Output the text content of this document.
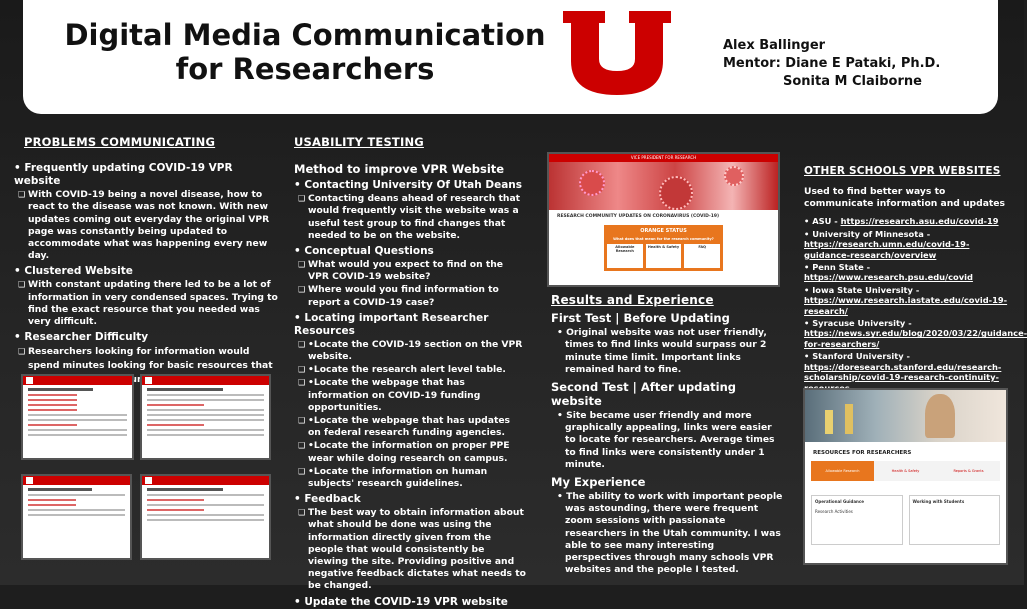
Digital Media Communication
for Researchers
Alex Ballinger
Mentor: Diane E Pataki, Ph.D.
Sonita M Claiborne
PROBLEMS COMMUNICATING
• Frequently updating COVID-19 VPR website
❑ With COVID-19 being a novel disease, how to react to the disease was not known. With new updates coming out everyday the original VPR page was constantly being updated to accommodate what was happening every new day.
• Clustered Website
❑ With constant updating there led to be a lot of information in very condensed spaces. Trying to find the exact resource that you needed was very difficult.
• Researcher Difficulty
❑ Researchers looking for information would spend minutes looking for basic resources that communicated
USABILITY TESTING
Method to improve VPR Website
• Contacting University Of Utah Deans
❑ Contacting deans ahead of research that would frequently visit the website was a useful test group to find changes that needed to be on the website.
• Conceptual Questions
❑ What would you expect to find on the VPR COVID-19 website?
❑ Where would you find information to report a COVID-19 case?
• Locating important Researcher Resources
❑ •Locate the COVID-19 section on the VPR website.
❑ •Locate the research alert level table.
❑ •Locate the webpage that has information on COVID-19 funding opportunities.
❑ •Locate the webpage that has updates on federal research funding agencies.
❑ •Locate the information on proper PPE wear while doing research on campus.
❑ •Locate the information on human subjects' research guidelines.
• Feedback
❑ The best way to obtain information about what should be done was using the information directly given from the people that would consistently be viewing the site. Providing positive and negative feedback dictates what needs to be changed.
• Update the COVID-19 VPR website
VICE PRESIDENT FOR RESEARCH
RESEARCH COMMUNITY UPDATES ON CORONAVIRUS (COVID-19)
ORANGE STATUS
What does that mean for the research community?
Allowable Research
Health & Safety	FAQ
Results and Experience
First Test | Before Updating
• Original website was not user friendly, times to find links would surpass our 2 minute time limit. Important links remained hard to fine.
Second Test | After updating website
• Site became user friendly and more graphically appealing, links were easier to locate for researchers. Average times to find links were consistently under 1 minute.
My Experience
• The ability to work with important people was astounding, there were frequent zoom sessions with passionate researchers in the Utah community. I was able to see many interesting perspectives through many schools VPR websites and the people I tested.
OTHER SCHOOLS VPR WEBSITES
Used to find better ways to communicate information and updates
• ASU - https://research.asu.edu/covid-19
• University of Minnesota - https://research.umn.edu/covid-19-guidance-research/overview
• Penn State - https://www.research.psu.edu/covid
• Iowa State University - https://www.research.iastate.edu/covid-19-research/
• Syracuse University - https://news.syr.edu/blog/2020/03/22/guidance-for-researchers/
• Stanford University - https://doresearch.stanford.edu/research-scholarship/covid-19-research-continuity-
RESOURCES FOR RESEARCHERS
Allowable Research	Health & Safety	Reports & Grants
Operational Guidance
Research Activities
Working with Students
